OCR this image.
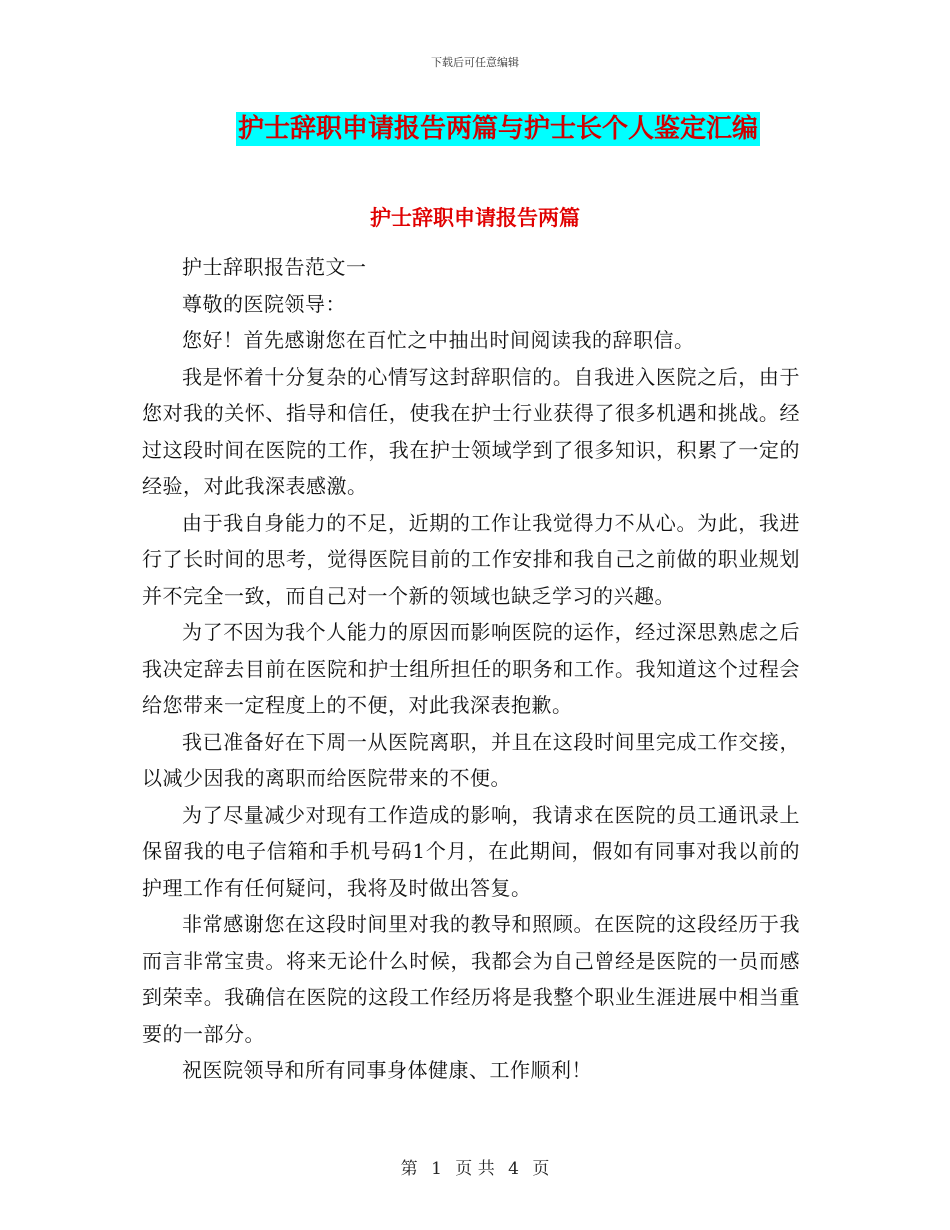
下载后可任意编辑
护士辞职申请报告两篇与护士长个人鉴定汇编
护士辞职申请报告两篇

护士辞职报告范文一

尊敬的医院领导：

您好！首先感谢您在百忙之中抽出时间阅读我的辞职信。

我是怀着十分复杂的心情写这封辞职信的。自我进入医院之后，由于您对我的关怀、指导和信任，使我在护士行业获得了很多机遇和挑战。经过这段时间在医院的工作，我在护士领域学到了很多知识，积累了一定的经验，对此我深表感激。

由于我自身能力的不足，近期的工作让我觉得力不从心。为此，我进行了长时间的思考，觉得医院目前的工作安排和我自己之前做的职业规划并不完全一致，而自己对一个新的领域也缺乏学习的兴趣。

为了不因为我个人能力的原因而影响医院的运作，经过深思熟虑之后我决定辞去目前在医院和护士组所担任的职务和工作。我知道这个过程会给您带来一定程度上的不便，对此我深表抱歉。

我已准备好在下周一从医院离职，并且在这段时间里完成工作交接，以减少因我的离职而给医院带来的不便。

为了尽量减少对现有工作造成的影响，我请求在医院的员工通讯录上保留我的电子信箱和手机号码1个月，在此期间，假如有同事对我以前的护理工作有任何疑问，我将及时做出答复。

非常感谢您在这段时间里对我的教导和照顾。在医院的这段经历于我而言非常宝贵。将来无论什么时候，我都会为自己曾经是医院的一员而感到荣幸。我确信在医院的这段工作经历将是我整个职业生涯进展中相当重要的一部分。

祝医院领导和所有同事身体健康、工作顺利！

第 1 页 共 4 页
